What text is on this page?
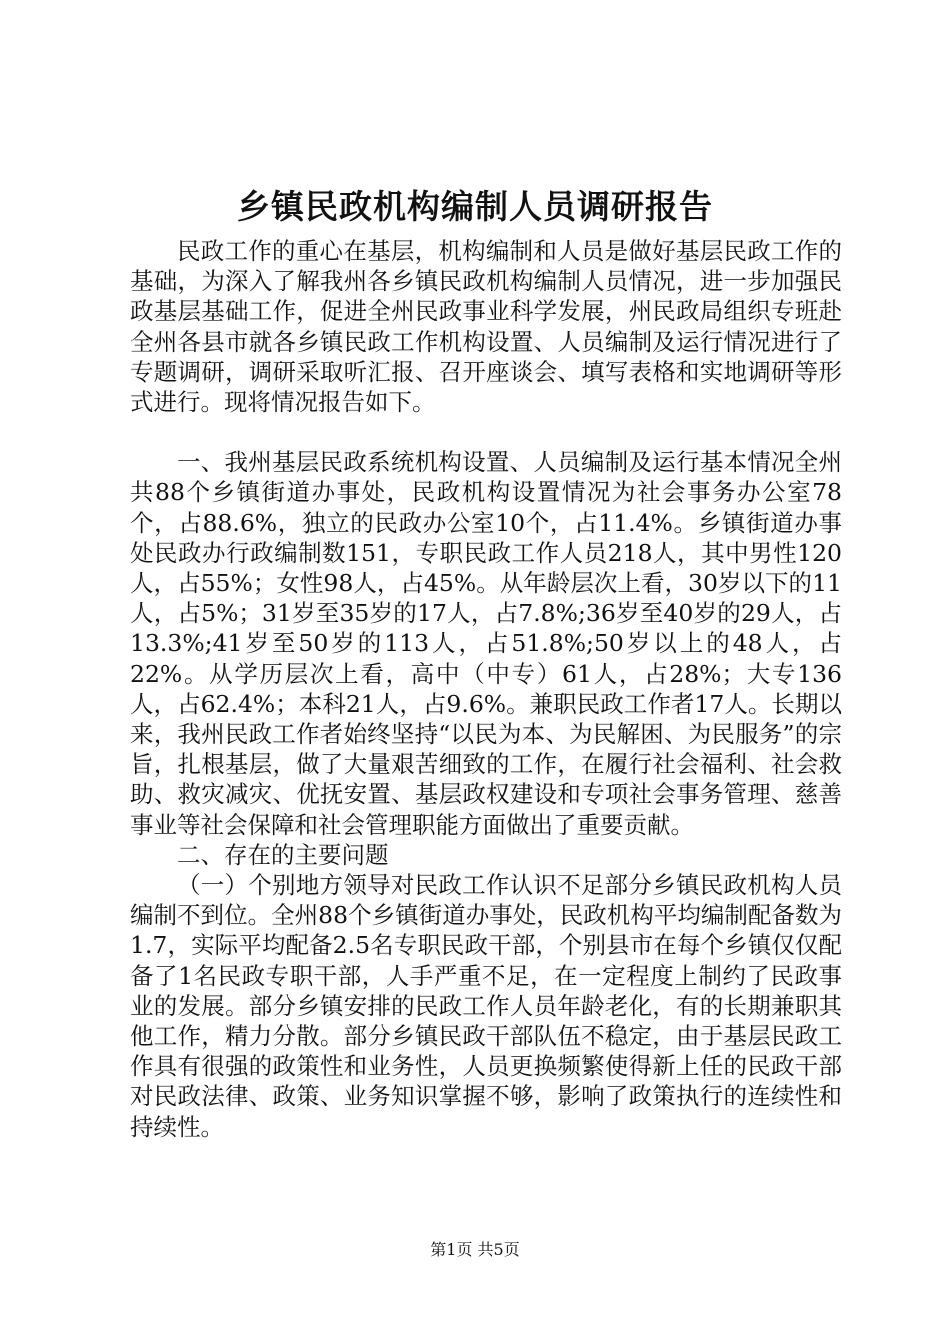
乡镇民政机构编制人员调研报告

民政工作的重心在基层，机构编制和人员是做好基层民政工作的基础，为深入了解我州各乡镇民政机构编制人员情况，进一步加强民政基层基础工作，促进全州民政事业科学发展，州民政局组织专班赴全州各县市就各乡镇民政工作机构设置、人员编制及运行情况进行了专题调研，调研采取听汇报、召开座谈会、填写表格和实地调研等形式进行。现将情况报告如下。

一、我州基层民政系统机构设置、人员编制及运行基本情况全州共88个乡镇街道办事处，民政机构设置情况为社会事务办公室78个，占88.6%，独立的民政办公室10个，占11.4%。乡镇街道办事处民政办行政编制数151，专职民政工作人员218人，其中男性120人，占55%；女性98人，占45%。从年龄层次上看，30岁以下的11人，占5%；31岁至35岁的17人，占7.8%;36岁至40岁的29人，占13.3%;41岁至50岁的113人，占51.8%;50岁以上的48人，占22%。从学历层次上看，高中（中专）61人，占28%；大专136人，占62.4%；本科21人，占9.6%。兼职民政工作者17人。长期以来，我州民政工作者始终坚持“以民为本、为民解困、为民服务”的宗旨，扎根基层，做了大量艰苦细致的工作，在履行社会福利、社会救助、救灾减灾、优抚安置、基层政权建设和专项社会事务管理、慈善事业等社会保障和社会管理职能方面做出了重要贡献。

二、存在的主要问题

（一）个别地方领导对民政工作认识不足部分乡镇民政机构人员编制不到位。全州88个乡镇街道办事处，民政机构平均编制配备数为1.7，实际平均配备2.5名专职民政干部，个别县市在每个乡镇仅仅配备了1名民政专职干部，人手严重不足，在一定程度上制约了民政事业的发展。部分乡镇安排的民政工作人员年龄老化，有的长期兼职其他工作，精力分散。部分乡镇民政干部队伍不稳定，由于基层民政工作具有很强的政策性和业务性，人员更换频繁使得新上任的民政干部对民政法律、政策、业务知识掌握不够，影响了政策执行的连续性和持续性。

第1页 共5页
